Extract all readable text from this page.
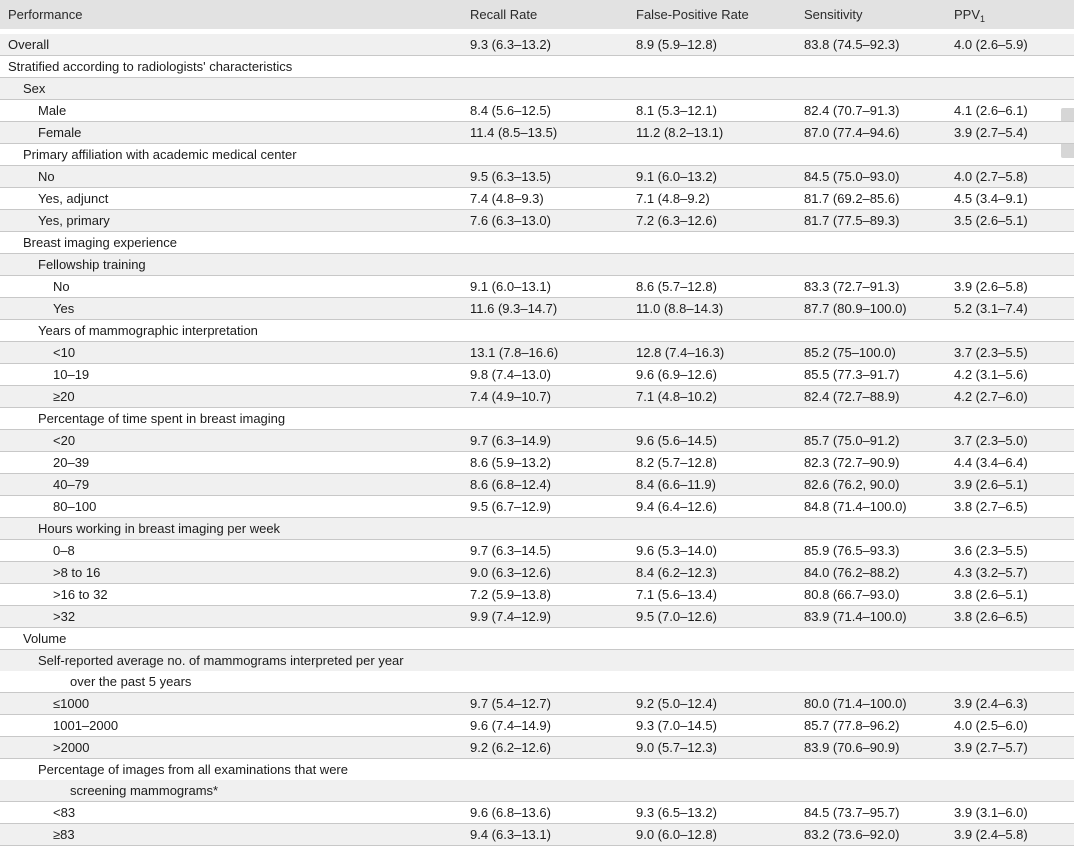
Performance	Recall Rate	False-Positive Rate	Sensitivity	$PPV_1$

Overall	9.3 (6.3–13.2)	8.9 (5.9–12.8)	83.8 (74.5–92.3)	4.0 (2.6–5.9)
Stratified according to radiologists' characteristics				
Sex				
Male	8.4 (5.6–12.5)	8.1 (5.3–12.1)	82.4 (70.7–91.3)	4.1 (2.6–6.1)
Female	11.4 (8.5–13.5)	11.2 (8.2–13.1)	87.0 (77.4–94.6)	3.9 (2.7–5.4)
Primary affiliation with academic medical center				
No	9.5 (6.3–13.5)	9.1 (6.0–13.2)	84.5 (75.0–93.0)	4.0 (2.7–5.8)
Yes, adjunct	7.4 (4.8–9.3)	7.1 (4.8–9.2)	81.7 (69.2–85.6)	4.5 (3.4–9.1)
Yes, primary	7.6 (6.3–13.0)	7.2 (6.3–12.6)	81.7 (77.5–89.3)	3.5 (2.6–5.1)
Breast imaging experience				
Fellowship training				
No	9.1 (6.0–13.1)	8.6 (5.7–12.8)	83.3 (72.7–91.3)	3.9 (2.6–5.8)
Yes	11.6 (9.3–14.7)	11.0 (8.8–14.3)	87.7 (80.9–100.0)	5.2 (3.1–7.4)
Years of mammographic interpretation				
<10	13.1 (7.8–16.6)	12.8 (7.4–16.3)	85.2 (75–100.0)	3.7 (2.3–5.5)
10–19	9.8 (7.4–13.0)	9.6 (6.9–12.6)	85.5 (77.3–91.7)	4.2 (3.1–5.6)
≥20	7.4 (4.9–10.7)	7.1 (4.8–10.2)	82.4 (72.7–88.9)	4.2 (2.7–6.0)
Percentage of time spent in breast imaging				
<20	9.7 (6.3–14.9)	9.6 (5.6–14.5)	85.7 (75.0–91.2)	3.7 (2.3–5.0)
20–39	8.6 (5.9–13.2)	8.2 (5.7–12.8)	82.3 (72.7–90.9)	4.4 (3.4–6.4)
40–79	8.6 (6.8–12.4)	8.4 (6.6–11.9)	82.6 (76.2, 90.0)	3.9 (2.6–5.1)
80–100	9.5 (6.7–12.9)	9.4 (6.4–12.6)	84.8 (71.4–100.0)	3.8 (2.7–6.5)
Hours working in breast imaging per week				
0–8	9.7 (6.3–14.5)	9.6 (5.3–14.0)	85.9 (76.5–93.3)	3.6 (2.3–5.5)
>8 to 16	9.0 (6.3–12.6)	8.4 (6.2–12.3)	84.0 (76.2–88.2)	4.3 (3.2–5.7)
>16 to 32	7.2 (5.9–13.8)	7.1 (5.6–13.4)	80.8 (66.7–93.0)	3.8 (2.6–5.1)
>32	9.9 (7.4–12.9)	9.5 (7.0–12.6)	83.9 (71.4–100.0)	3.8 (2.6–6.5)
Volume				
Self-reported average no. of mammograms interpreted per year				
over the past 5 years				
≤1000	9.7 (5.4–12.7)	9.2 (5.0–12.4)	80.0 (71.4–100.0)	3.9 (2.4–6.3)
1001–2000	9.6 (7.4–14.9)	9.3 (7.0–14.5)	85.7 (77.8–96.2)	4.0 (2.5–6.0)
>2000	9.2 (6.2–12.6)	9.0 (5.7–12.3)	83.9 (70.6–90.9)	3.9 (2.7–5.7)
Percentage of images from all examinations that were				
screening mammograms*				
<83	9.6 (6.8–13.6)	9.3 (6.5–13.2)	84.5 (73.7–95.7)	3.9 (3.1–6.0)
≥83	9.4 (6.3–13.1)	9.0 (6.0–12.8)	83.2 (73.6–92.0)	3.9 (2.4–5.8)
